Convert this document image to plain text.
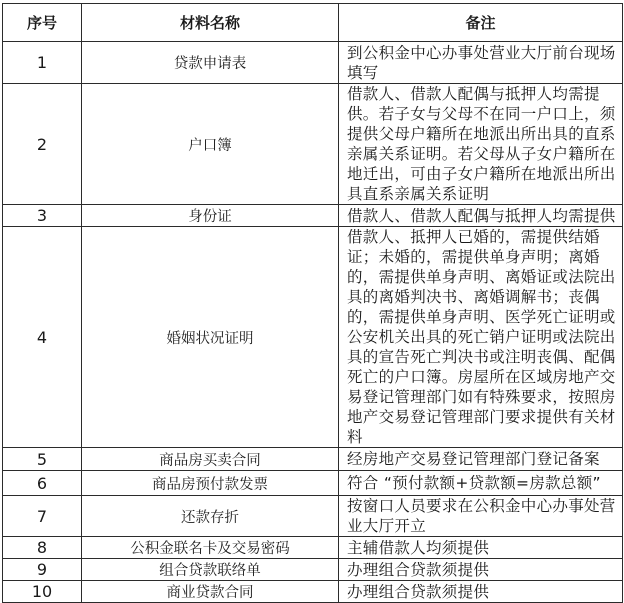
序号	材料名称	备注
1	贷款申请表	到公积金中心办事处营业大厅前台现场填写
2	户口簿	借款人、借款人配偶与抵押人均需提供。若子女与父母不在同一户口上，须提供父母户籍所在地派出所出具的直系亲属关系证明。若父母从子女户籍所在地迁出，可由子女户籍所在地派出所出具直系亲属关系证明
3	身份证	借款人、借款人配偶与抵押人均需提供
4	婚姻状况证明	借款人、抵押人已婚的，需提供结婚证；未婚的，需提供单身声明；离婚的，需提供单身声明、离婚证或法院出具的离婚判决书、离婚调解书；丧偶的，需提供单身声明、医学死亡证明或公安机关出具的死亡销户证明或法院出具的宣告死亡判决书或注明丧偶、配偶死亡的户口簿。房屋所在区域房地产交易登记管理部门如有特殊要求，按照房地产交易登记管理部门要求提供有关材料
5	商品房买卖合同	经房地产交易登记管理部门登记备案
6	商品房预付款发票	符合 “预付款额+贷款额=房款总额”
7	还款存折	按窗口人员要求在公积金中心办事处营业大厅开立
8	公积金联名卡及交易密码	主辅借款人均须提供
9	组合贷款联络单	办理组合贷款须提供
10	商业贷款合同	办理组合贷款须提供
